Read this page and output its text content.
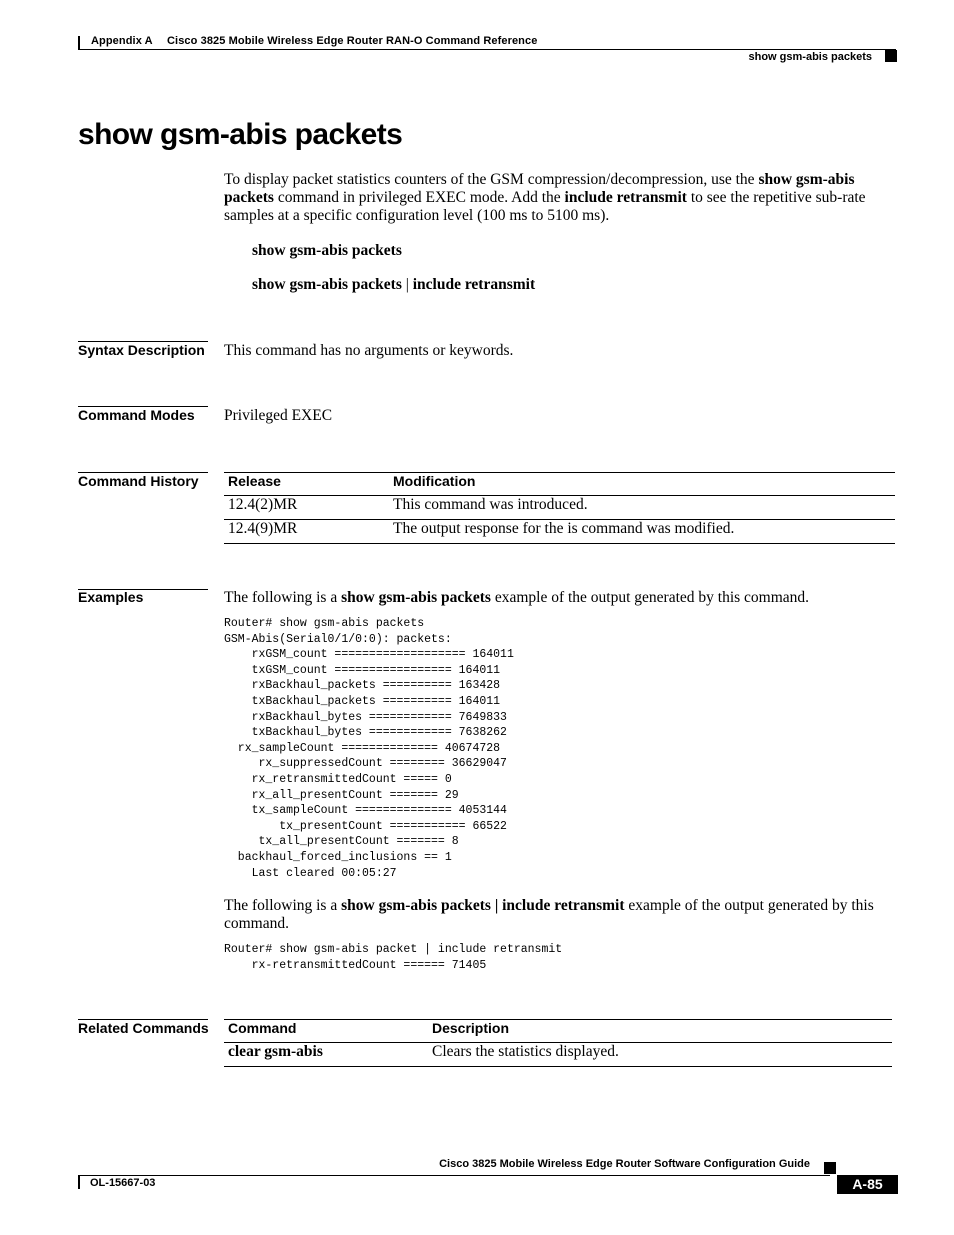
Appendix A Cisco 3825 Mobile Wireless Edge Router RAN-O Command Reference
show gsm-abis packets
show gsm-abis packets
To display packet statistics counters of the GSM compression/decompression, use the show gsm-abis
packets command in privileged EXEC mode. Add the include retransmit to see the repetitive sub-rate
samples at a specific configuration level (100 ms to 5100 ms).
show gsm-abis packets
show gsm-abis packets | include retransmit
Syntax Description This command has no arguments or keywords.
Command Modes Privileged EXEC
Command History Release	Modification
12.4(2)MR	This command was introduced.
12.4(9)MR	The output response for the is command was modified.
Examples	The following is a show gsm-abis packets example of the output generated by this command.
Router# show gsm-abis packets
GSM-Abis(Serial0/1/0:0): packets:
rxGSM_count =================== 164011
txGSM_count ================= 164011
rxBackhaul_packets ========== 163428
txBackhaul_packets ========== 164011
rxBackhaul_bytes ============ 7649833
txBackhaul_bytes ============ 7638262
rx_sampleCount ============== 40674728
rx_suppressedCount ======== 36629047
rx_retransmittedCount ===== 0
rx_all_presentCount ======= 29
tx_sampleCount ============== 4053144
tx_presentCount =========== 66522
tx_all_presentCount ======= 8
backhaul_forced_inclusions == 1
Last cleared 00:05:27
The following is a show gsm-abis packets | include retransmit example of the output generated by this
command.
Router# show gsm-abis packet | include retransmit
rx-retransmittedCount ====== 71405
Related Commands Command	Description
clear gsm-abis	Clears the statistics displayed.
Cisco 3825 Mobile Wireless Edge Router Software Configuration Guide
OL-15667-03	A-85
